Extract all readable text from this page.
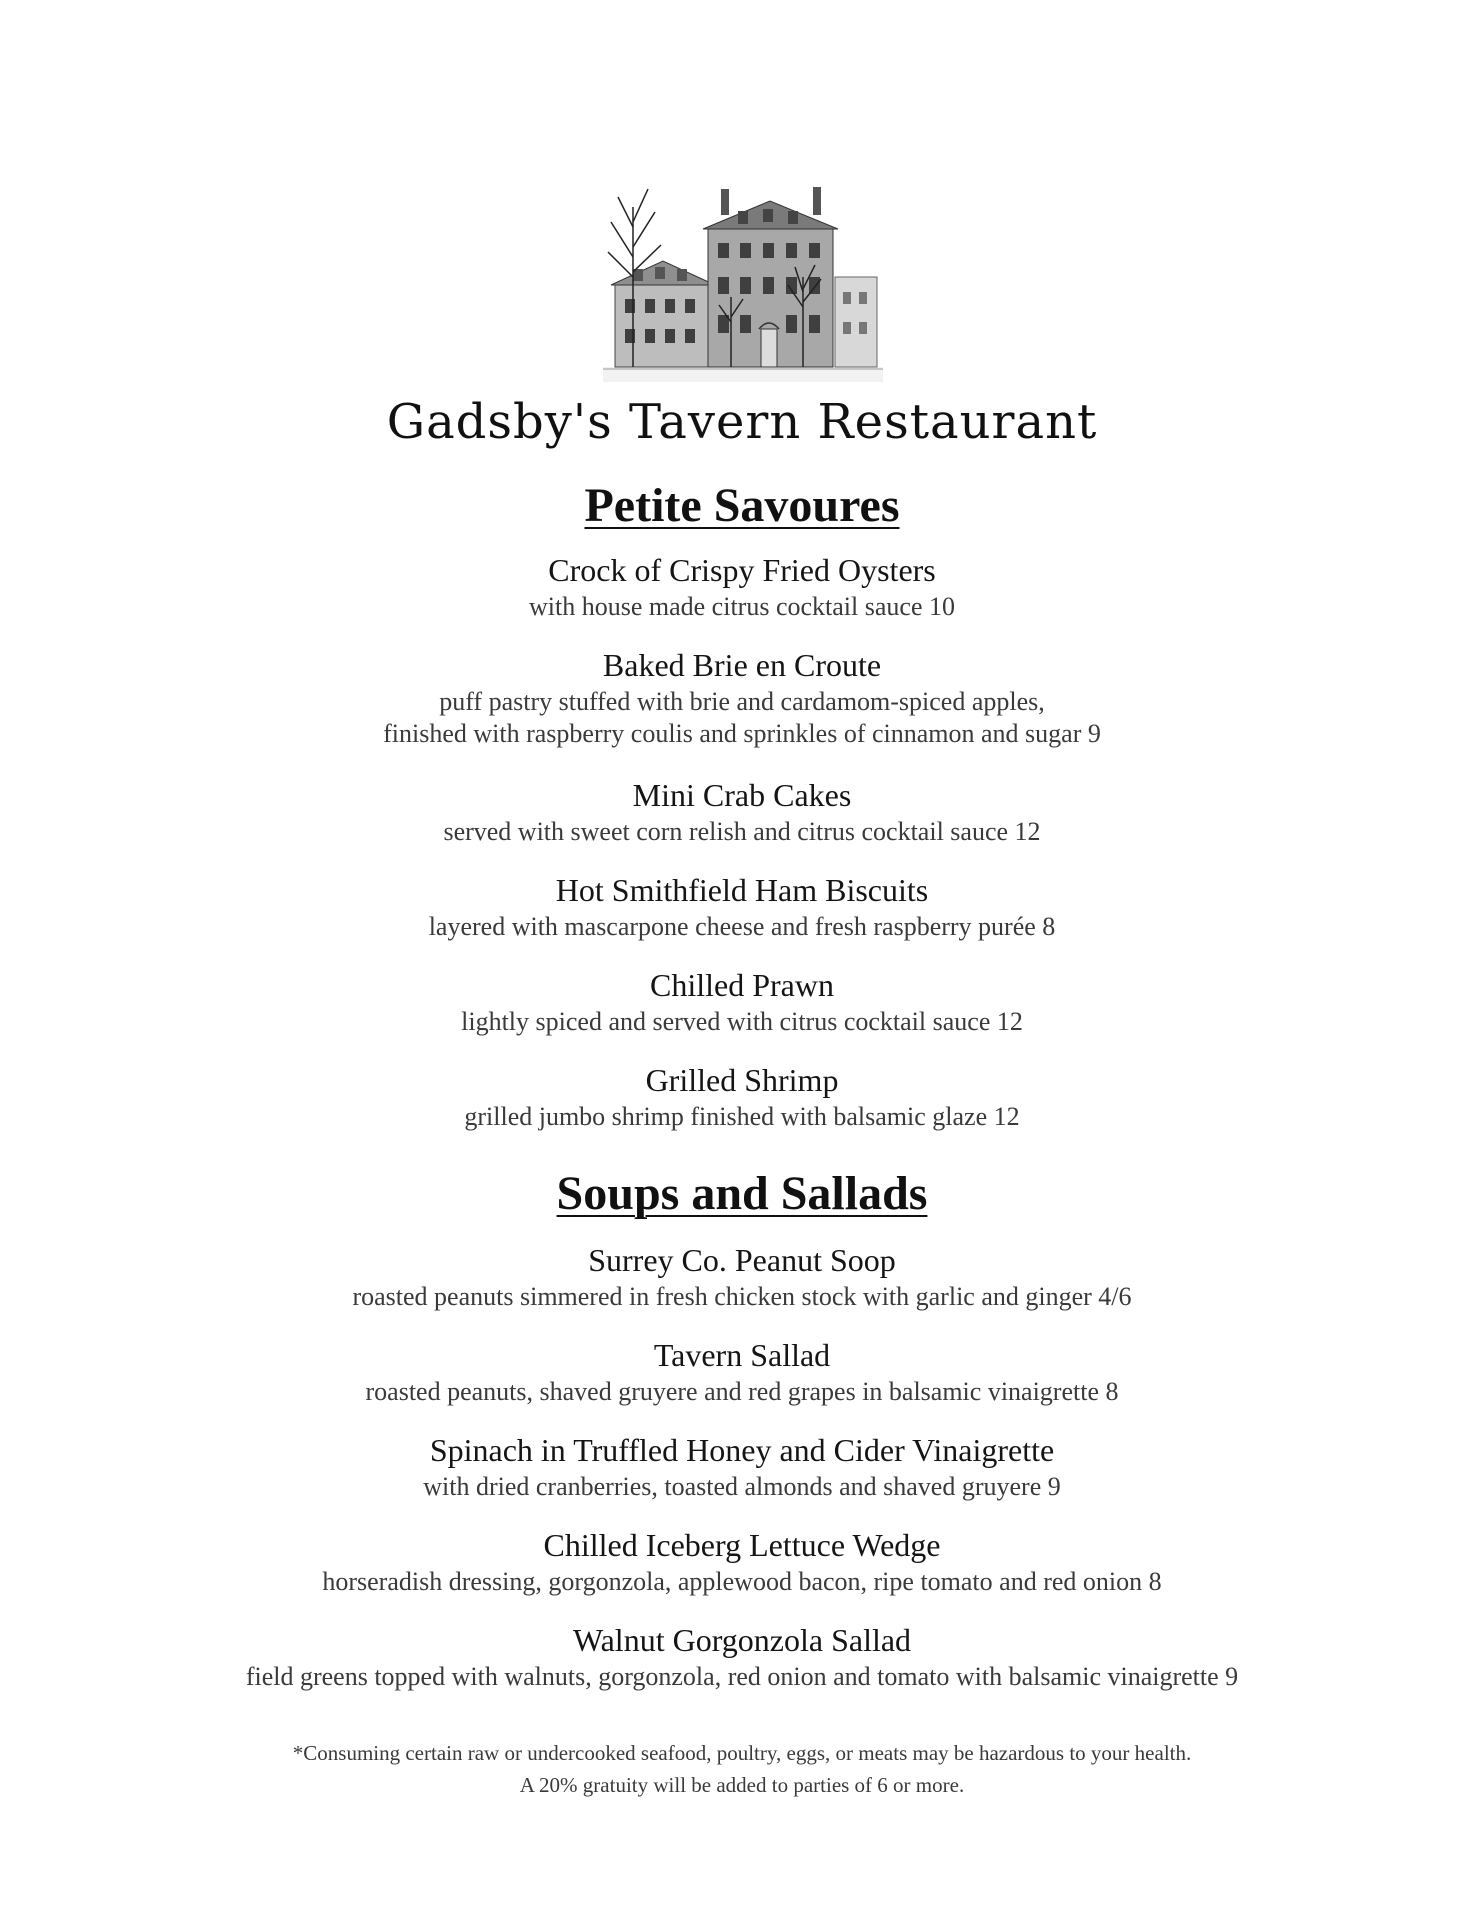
Gadsby's Tavern Restaurant
Petite Savoures
Crock of Crispy Fried Oysters
with house made citrus cocktail sauce 10
Baked Brie en Croute
puff pastry stuffed with brie and cardamom-spiced apples,
finished with raspberry coulis and sprinkles of cinnamon and sugar 9
Mini Crab Cakes
served with sweet corn relish and citrus cocktail sauce 12
Hot Smithfield Ham Biscuits
layered with mascarpone cheese and fresh raspberry purée 8
Chilled Prawn
lightly spiced and served with citrus cocktail sauce 12
Grilled Shrimp
grilled jumbo shrimp finished with balsamic glaze 12
Soups and Sallads
Surrey Co. Peanut Soop
roasted peanuts simmered in fresh chicken stock with garlic and ginger 4/6
Tavern Sallad
roasted peanuts, shaved gruyere and red grapes in balsamic vinaigrette 8
Spinach in Truffled Honey and Cider Vinaigrette
with dried cranberries, toasted almonds and shaved gruyere 9
Chilled Iceberg Lettuce Wedge
horseradish dressing, gorgonzola, applewood bacon, ripe tomato and red onion 8
Walnut Gorgonzola Sallad
field greens topped with walnuts, gorgonzola, red onion and tomato with balsamic vinaigrette 9
*Consuming certain raw or undercooked seafood, poultry, eggs, or meats may be hazardous to your health.
A 20% gratuity will be added to parties of 6 or more.
